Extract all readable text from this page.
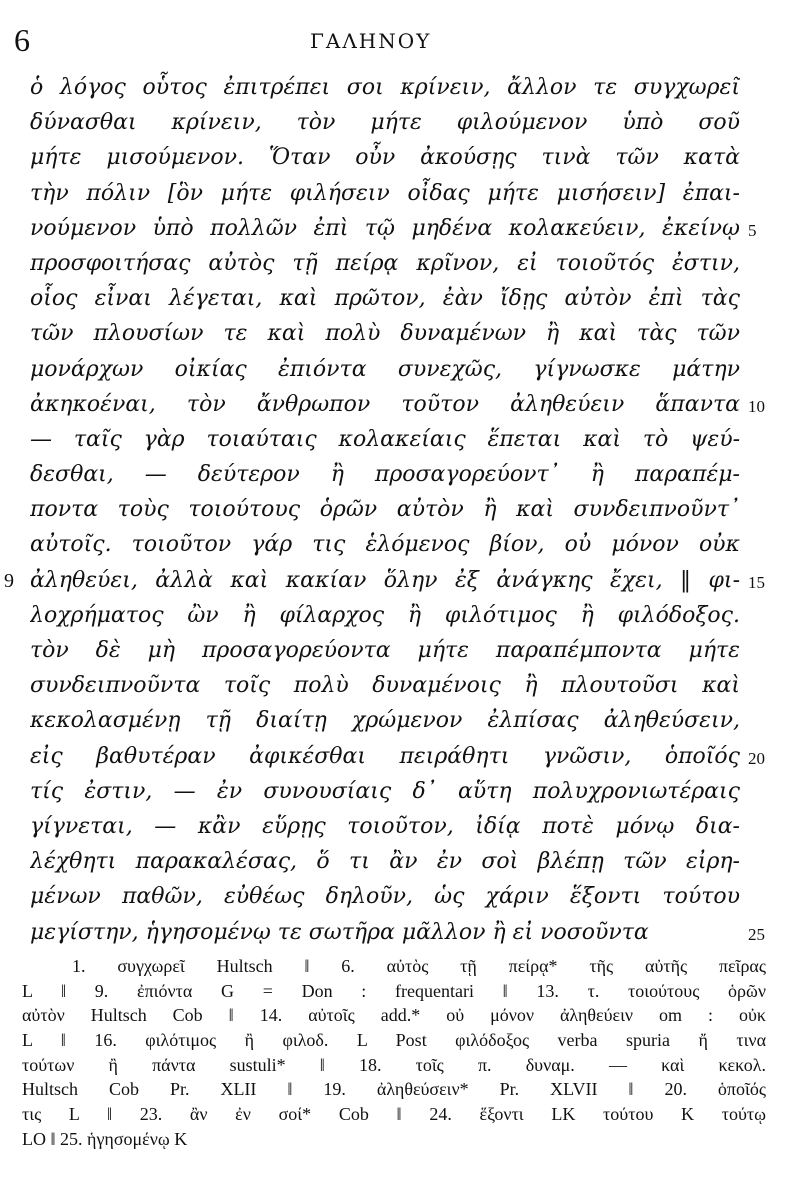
6	ΓΑΛΗΝΟΥ
ὁ λόγος οὗτος ἐπιτρέπει σοι κρίνειν, ἄλλον τε συγχωρεῖ
δύνασθαι κρίνειν, τὸν μήτε φιλούμενον ὑπὸ σοῦ
μήτε μισούμενον. Ὅταν οὖν ἀκούσῃς τινὰ τῶν κατὰ
τὴν πόλιν [ὃν μήτε φιλήσειν οἶδας μήτε μισήσειν] ἐπαι-
νούμενον ὑπὸ πολλῶν ἐπὶ τῷ μηδένα κολακεύειν, ἐκείνῳ 5
προσφοιτήσας αὐτὸς τῇ πείρᾳ κρῖνον, εἰ τοιοῦτός ἐστιν,
οἷος εἶναι λέγεται, καὶ πρῶτον, ἐὰν ἴδῃς αὐτὸν ἐπὶ τὰς
τῶν πλουσίων τε καὶ πολὺ δυναμένων ἢ καὶ τὰς τῶν
μονάρχων οἰκίας ἐπιόντα συνεχῶς, γίγνωσκε μάτην
ἀκηκοέναι, τὸν ἄνθρωπον τοῦτον ἀληθεύειν ἅπαντα 10
— ταῖς γὰρ τοιαύταις κολακείαις ἕπεται καὶ τὸ ψεύ-
δεσθαι, — δεύτερον ἢ προσαγορεύοντ᾽ ἢ παραπέμ-
ποντα τοὺς τοιούτους ὁρῶν αὐτὸν ἢ καὶ συνδειπνοῦντ᾽
αὐτοῖς. τοιοῦτον γάρ τις ἑλόμενος βίον, οὐ μόνον οὐκ
9 ἀληθεύει, ἀλλὰ καὶ κακίαν ὅλην ἐξ ἀνάγκης ἔχει, ‖ φι- 15
λοχρήματος ὢν ἢ φίλαρχος ἢ φιλότιμος ἢ φιλόδοξος.
τὸν δὲ μὴ προσαγορεύοντα μήτε παραπέμποντα μήτε
συνδειπνοῦντα τοῖς πολὺ δυναμένοις ἢ πλουτοῦσι καὶ
κεκολασμένῃ τῇ διαίτῃ χρώμενον ἐλπίσας ἀληθεύσειν,
εἰς βαθυτέραν ἀφικέσθαι πειράθητι γνῶσιν, ὁποῖός 20
τίς ἐστιν, — ἐν συνουσίαις δ᾽ αὕτη πολυχρονιωτέραις
γίγνεται, — κἂν εὕρῃς τοιοῦτον, ἰδίᾳ ποτὲ μόνῳ δια-
λέχθητι παρακαλέσας, ὅ τι ἂν ἐν σοὶ βλέπῃ τῶν εἰρη-
μένων παθῶν, εὐθέως δηλοῦν, ὡς χάριν ἕξοντι τούτου
μεγίστην, ἡγησομένῳ τε σωτῆρα μᾶλλον ἢ εἰ νοσοῦντα	25
1. συγχωρεῖ Hultsch ‖ 6. αὐτὸς τῇ πείρᾳ* τῆς αὐτῆς πεῖρας
L ‖ 9. ἐπιόντα G = Don : frequentari ‖ 13. τ. τοιούτους ὁρῶν
αὐτὸν Hultsch Cob ‖ 14. αὐτοῖς add.* οὐ μόνον ἀληθεύειν om : οὐκ
L ‖ 16. φιλότιμος ἢ φιλοδ. L Post φιλόδοξος verba spuria ἤ τινα
τούτων ἢ πάντα sustuli* ‖ 18. τοῖς π. δυναμ. — καὶ κεκολ.
Hultsch Cob Pr. XLII ‖ 19. ἀληθεύσειν* Pr. XLVII ‖ 20. ὁποῖός
τις L ‖ 23. ἂν ἐν σοί* Cob ‖ 24. ἕξοντι LK τούτου K τούτῳ
LO ‖ 25. ἡγησομένῳ K
